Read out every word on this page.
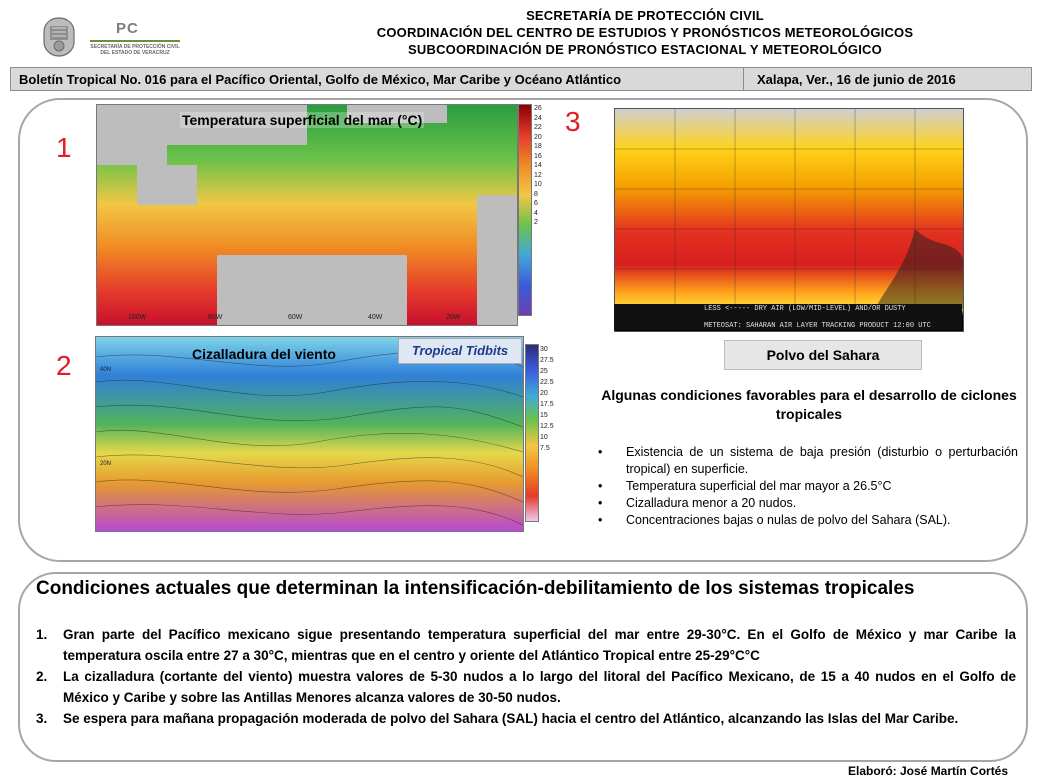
PC
SECRETARÍA DE PROTECCIÓN CIVIL DEL ESTADO DE VERACRUZ
SECRETARÍA DE PROTECCIÓN CIVIL
COORDINACIÓN DEL CENTRO DE ESTUDIOS Y PRONÓSTICOS METEOROLÓGICOS
SUBCOORDINACIÓN DE PRONÓSTICO ESTACIONAL Y METEOROLÓGICO
Boletín Tropical No. 016 para el Pacífico Oriental, Golfo de México, Mar Caribe y Océano Atlántico	Xalapa, Ver., 16 de junio de 2016
1
2
3
Temperatura superficial del mar (°C)
26
24
22
20
18
16
14
12
10
8
6
4
2
100W	80W	60W	40W	20W
40N
20N
Cizalladura del viento	Tropical Tidbits	30
27.5
25
22.5
20
17.5
15
12.5
10
7.5
LESS <----- DRY AIR (LOW/MID-LEVEL) AND/OR DUSTY
METEOSAT: SAHARAN AIR LAYER TRACKING PRODUCT 12:00 UTC
Polvo del Sahara
Algunas condiciones favorables para el desarrollo de ciclones tropicales
• Existencia de un sistema de baja presión (disturbio o perturbación tropical) en superficie.
• Temperatura superficial del mar mayor a 26.5°C
• Cizalladura menor a 20 nudos.
• Concentraciones bajas o nulas de polvo del Sahara (SAL).
Condiciones actuales que determinan la intensificación-debilitamiento de los sistemas tropicales
1. Gran parte del Pacífico mexicano sigue presentando temperatura superficial del mar entre 29-30°C. En el Golfo de México y mar Caribe la temperatura oscila entre 27 a 30°C, mientras que en el centro y oriente del Atlántico Tropical entre 25-29°C°C
2. La cizalladura (cortante del viento) muestra valores de 5-30 nudos a lo largo del litoral del Pacífico Mexicano, de 15 a 40 nudos en el Golfo de México y Caribe y sobre las Antillas Menores alcanza valores de 30-50 nudos.
3. Se espera para mañana propagación moderada de polvo del Sahara (SAL) hacia el centro del Atlántico, alcanzando las Islas del Mar Caribe.
Elaboró: José Martín Cortés
